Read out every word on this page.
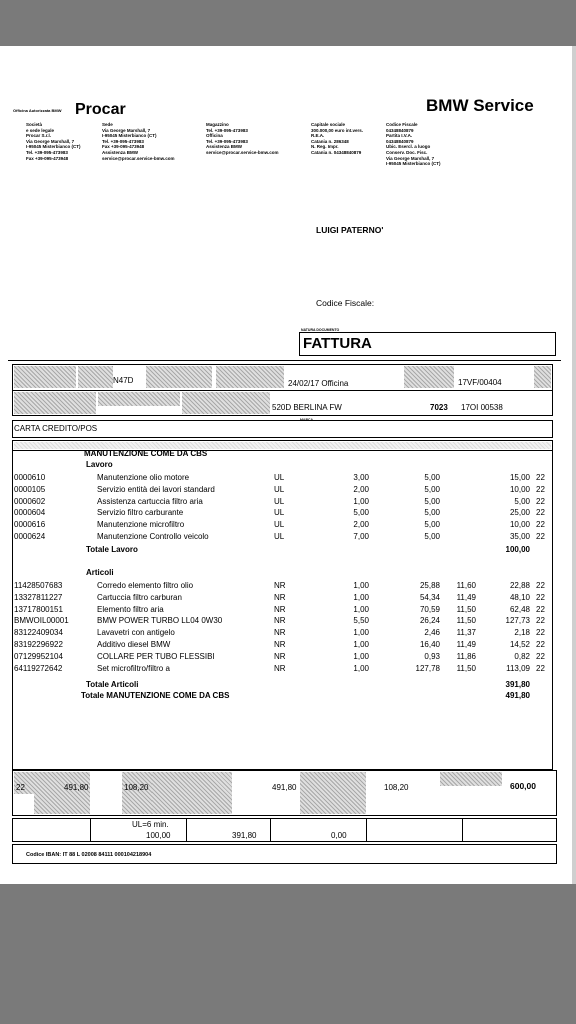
Officina Autorizzata BMW Procar	BMW Service
Società
e sede legale
Procar S.r.l.
Via George Marshall, 7
I-95045 Misterbianco (CT)
Tel. +39-095-473983
Fax +39-095-473948
Sede
Via George Marshall, 7
I-95045 Misterbianco (CT)
Tel. +39-095-473983
Fax +39-095-473948
Assistenza BMW
service@procar.service-bmw.com
Magazzino
Tel. +39-095-473983
Officina
Tel. +39-095-473983
Assistenza BMW
service@procar.service-bmw.com
Capitale sociale
300.000,00 euro int.vers.
R.E.A.
Catania n. 286348
N. Reg. Impr.
Catania n. 04348840879
Codice Fiscale
04348840879
Partita I.V.A.
04348840879
Ubic. Esercl. a luogo
Conserv. Doc. Fisc.
Via George Marshall, 7
I-95045 Misterbianco (CT)
LUIGI PATERNO'
Codice Fiscale:
NATURA DOCUMENTO
FATTURA
N47D	24/02/17 Officina	17VF/00404
520D BERLINA FW	7023 17OI 00538
MARCA
CARTA CREDITO/POS
MANUTENZIONE COME DA CBS
Lavoro
0000610	Manutenzione olio motore	UL	3,00	5,00	15,00 22
0000105	Servizio entità dei lavori standard	UL	2,00	5,00	10,00 22
0000602	Assistenza cartuccia filtro aria	UL	1,00	5,00	5,00 22
0000604	Servizio filtro carburante	UL	5,00	5,00	25,00 22
0000616	Manutenzione microfiltro	UL	2,00	5,00	10,00 22
0000624	Manutenzione Controllo veicolo	UL	7,00	5,00	35,00 22
Totale Lavoro	100,00
Articoli
11428507683	Corredo elemento filtro olio	NR	1,00	25,88	11,60	22,88 22
13327811227	Cartuccia filtro carburan	NR	1,00	54,34	11,49	48,10 22
13717800151	Elemento filtro aria	NR	1,00	70,59	11,50	62,48 22
BMWOIL00001	BMW POWER TURBO LL04 0W30	NR	5,50	26,24	11,50	127,73 22
83122409034	Lavavetri con antigelo	NR	1,00	2,46	11,37	2,18 22
83192296922	Additivo diesel BMW	NR	1,00	16,40	11,49	14,52 22
07129952104	COLLARE PER TUBO FLESSIBI	NR	1,00	0,93	11,86	0,82 22
64119272642	Set microfiltro/filtro a	NR	1,00	127,78	11,50	113,09 22
Totale Articoli	391,80
Totale MANUTENZIONE COME DA CBS	491,80
22	491,80	108,20	491,80	108,20	600,00
UL=6 min.
100,00	391,80	0,00
Codice IBAN: IT 88 L 02008 84111 000104218904
